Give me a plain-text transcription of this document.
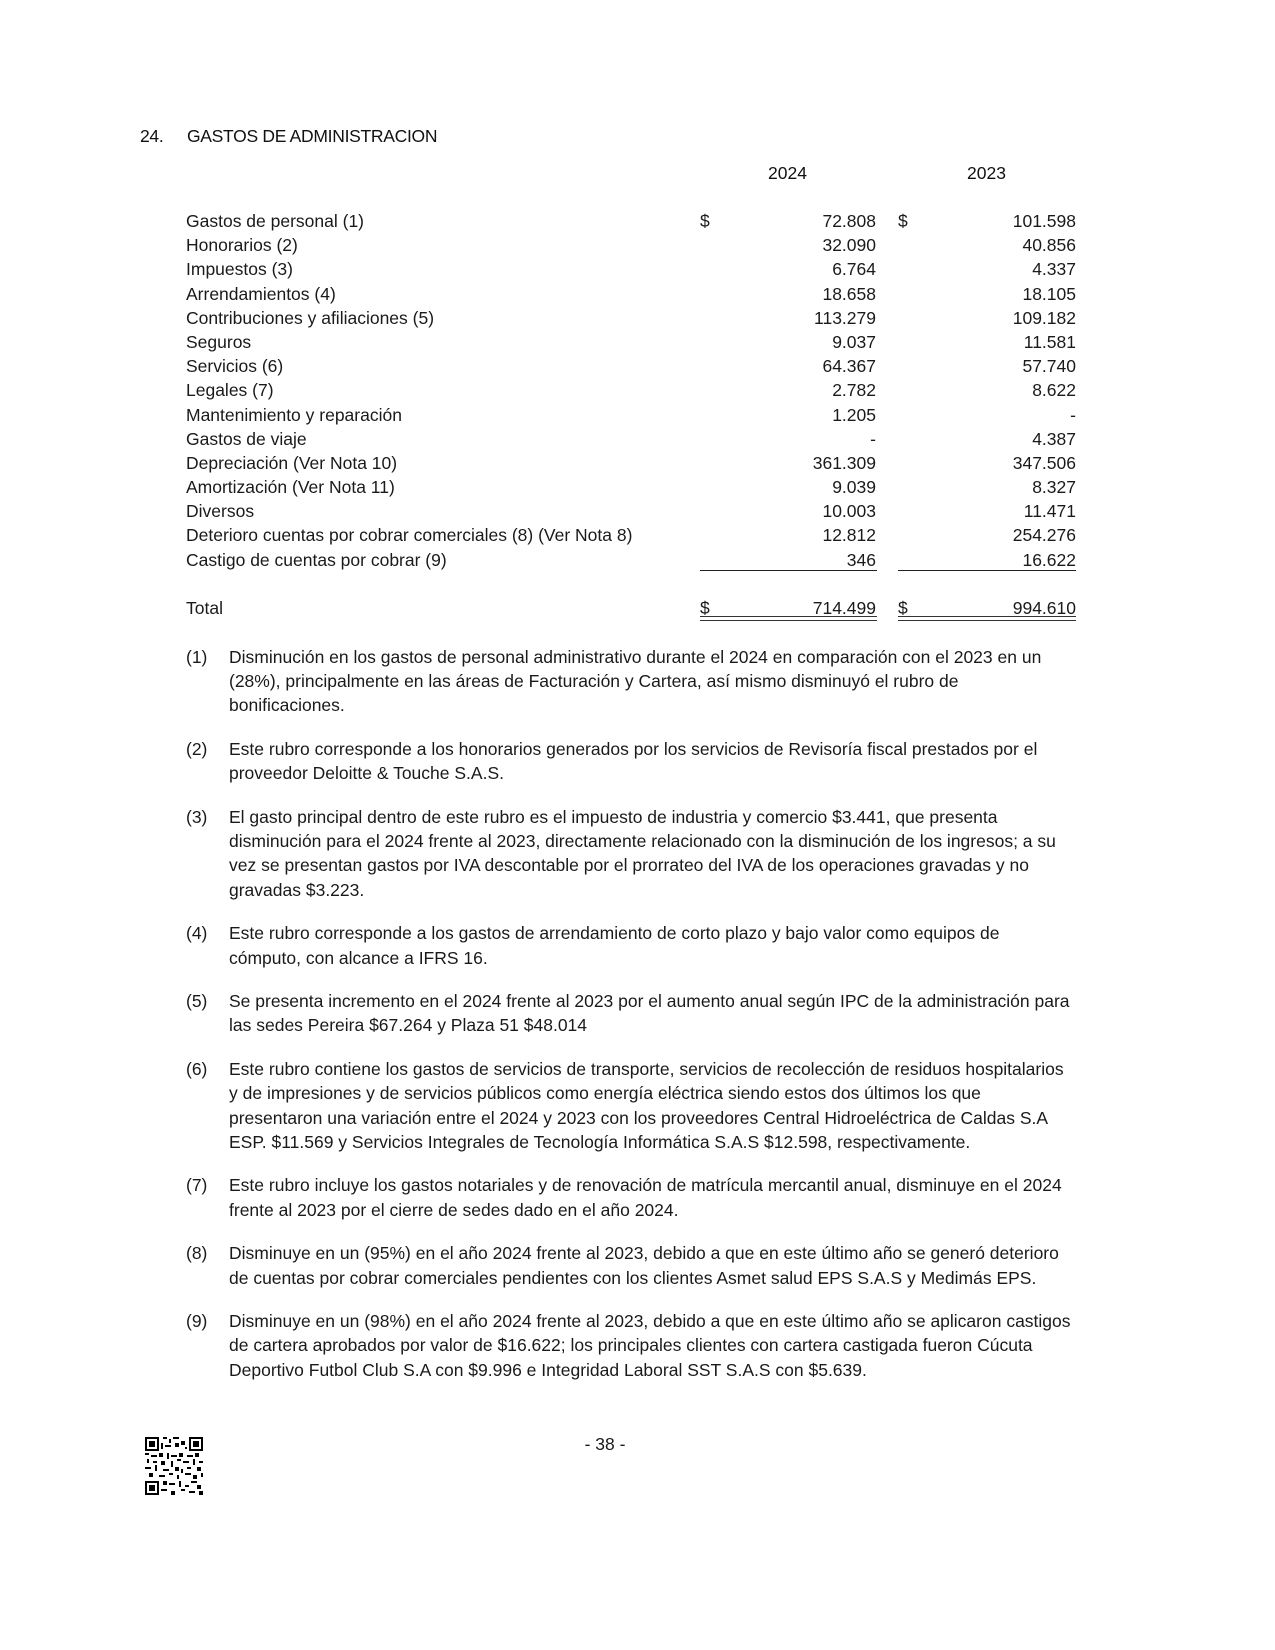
24. GASTOS DE ADMINISTRACION
2024	2023
Gastos de personal (1)	$	72.808 $	101.598
Honorarios (2)	32.090	40.856
Impuestos (3)	6.764	4.337
Arrendamientos (4)	18.658	18.105
Contribuciones y afiliaciones (5)	113.279	109.182
Seguros	9.037	11.581
Servicios (6)	64.367	57.740
Legales (7)	2.782	8.622
Mantenimiento y reparación	1.205	-
Gastos de viaje	-	4.387
Depreciación (Ver Nota 10)	361.309	347.506
Amortización (Ver Nota 11)	9.039	8.327
Diversos	10.003	11.471
Deterioro cuentas por cobrar comerciales (8) (Ver Nota 8)	12.812	254.276
Castigo de cuentas por cobrar (9)	346	16.622
Total	$	714.499 $	994.610
(1) Disminución en los gastos de personal administrativo durante el 2024 en comparación con el 2023 en un (28%), principalmente en las áreas de Facturación y Cartera, así mismo disminuyó el rubro de bonificaciones.
(2) Este rubro corresponde a los honorarios generados por los servicios de Revisoría fiscal prestados por el proveedor Deloitte & Touche S.A.S.
(3) El gasto principal dentro de este rubro es el impuesto de industria y comercio $3.441, que presenta disminución para el 2024 frente al 2023, directamente relacionado con la disminución de los ingresos; a su vez se presentan gastos por IVA descontable por el prorrateo del IVA de los operaciones gravadas y no gravadas $3.223.
(4) Este rubro corresponde a los gastos de arrendamiento de corto plazo y bajo valor como equipos de cómputo, con alcance a IFRS 16.
(5) Se presenta incremento en el 2024 frente al 2023 por el aumento anual según IPC de la administración para las sedes Pereira $67.264 y Plaza 51 $48.014
(6) Este rubro contiene los gastos de servicios de transporte, servicios de recolección de residuos hospitalarios y de impresiones y de servicios públicos como energía eléctrica siendo estos dos últimos los que presentaron una variación entre el 2024 y 2023 con los proveedores Central Hidroeléctrica de Caldas S.A ESP. $11.569 y Servicios Integrales de Tecnología Informática S.A.S $12.598, respectivamente.
(7) Este rubro incluye los gastos notariales y de renovación de matrícula mercantil anual, disminuye en el 2024 frente al 2023 por el cierre de sedes dado en el año 2024.
(8) Disminuye en un (95%) en el año 2024 frente al 2023, debido a que en este último año se generó deterioro de cuentas por cobrar comerciales pendientes con los clientes Asmet salud EPS S.A.S y Medimás EPS.
(9) Disminuye en un (98%) en el año 2024 frente al 2023, debido a que en este último año se aplicaron castigos de cartera aprobados por valor de $16.622; los principales clientes con cartera castigada fueron Cúcuta Deportivo Futbol Club S.A con $9.996 e Integridad Laboral SST S.A.S con $5.639.
- 38 -
